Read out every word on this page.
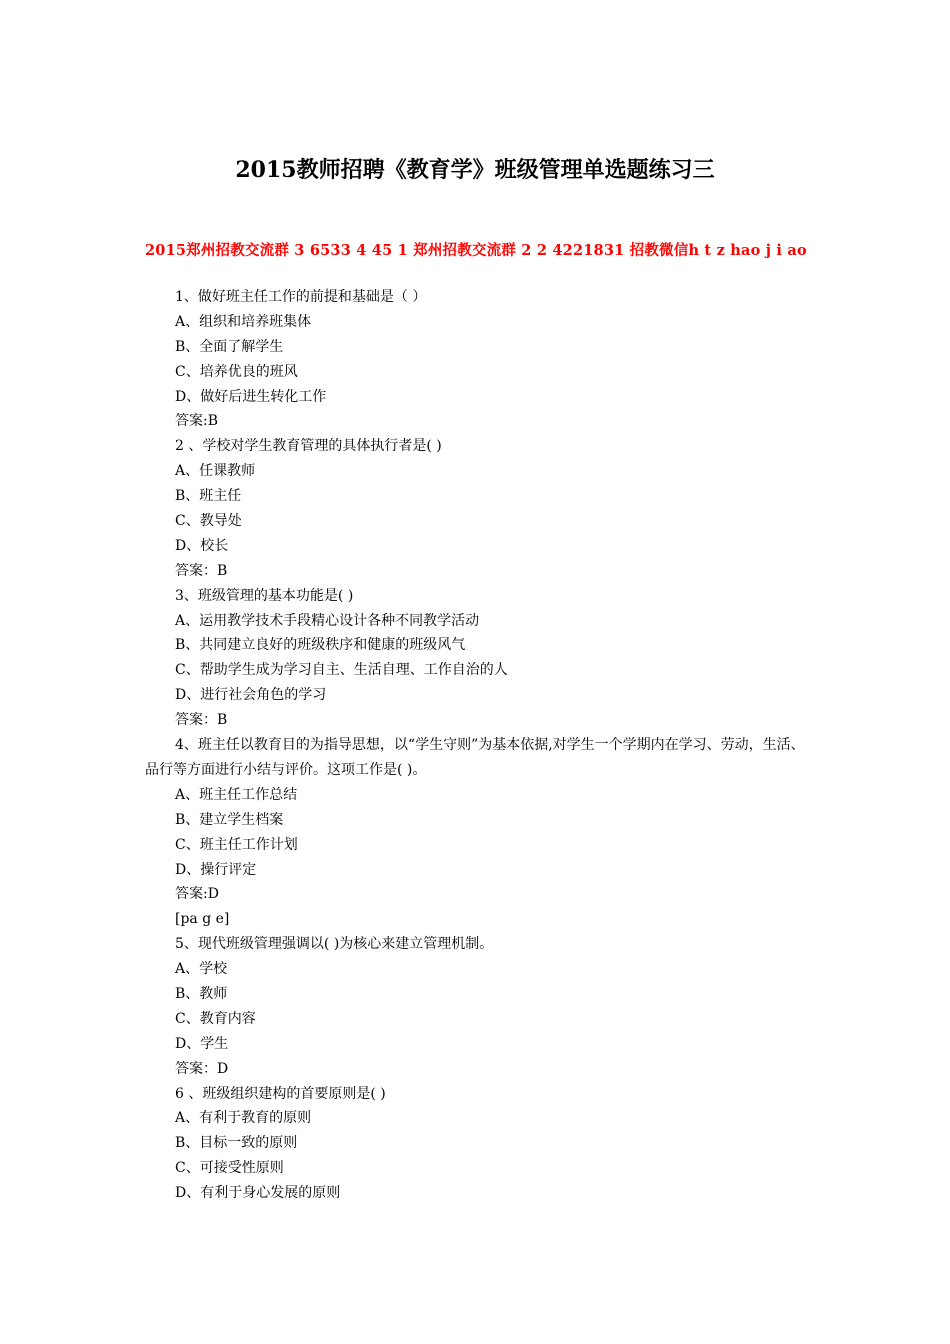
2015教师招聘《教育学》班级管理单选题练习三
2015郑州招教交流群 3 6533 4 45 1 郑州招教交流群 2 2 4221831 招教微信h t z hao j i ao
1、做好班主任工作的前提和基础是（ ）
A、组织和培养班集体
B、全面了解学生
C、培养优良的班风
D、做好后进生转化工作
答案:B
2 、学校对学生教育管理的具体执行者是( )
A、任课教师
B、班主任
C、教导处
D、校长
答案：B
3、班级管理的基本功能是( )
A、运用教学技术手段精心设计各种不同教学活动
B、共同建立良好的班级秩序和健康的班级风气
C、帮助学生成为学习自主、生活自理、工作自治的人
D、进行社会角色的学习
答案：B
4、班主任以教育目的为指导思想，以“学生守则”为基本依据,对学生一个学期内在学习、劳动，生活、品行等方面进行小结与评价。这项工作是( )。
A、班主任工作总结
B、建立学生档案
C、班主任工作计划
D、操行评定
答案:D
[pa g e]
5、现代班级管理强调以( )为核心来建立管理机制。
A、学校
B、教师
C、教育内容
D、学生
答案：D
6 、班级组织建构的首要原则是( )
A、有利于教育的原则
B、目标一致的原则
C、可接受性原则
D、有利于身心发展的原则
